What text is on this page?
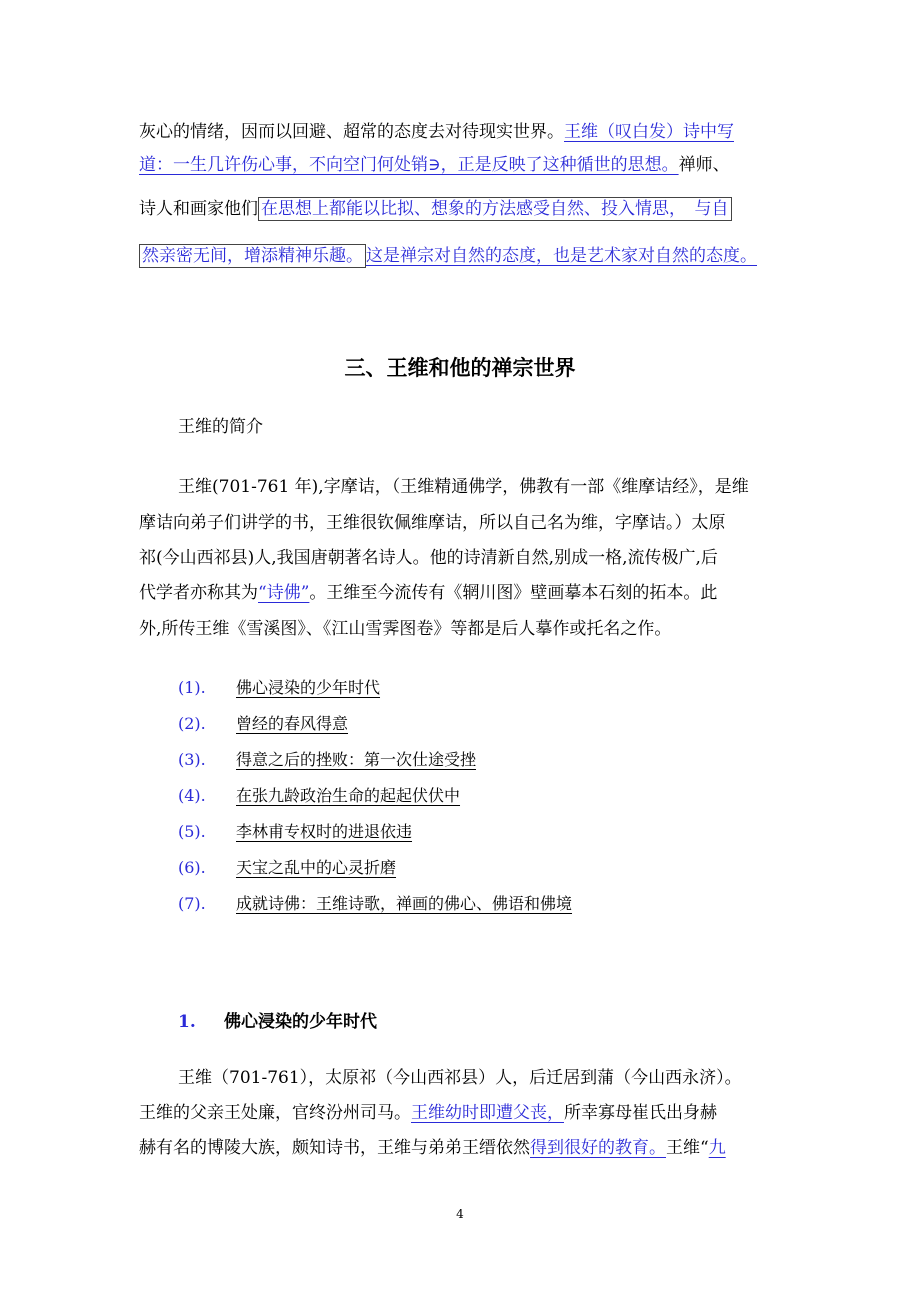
灰心的情绪，因而以回避、超常的态度去对待现实世界。王维（叹白发）诗中写
道：一生几许伤心事，不向空门何处销∋，正是反映了这种循世的思想。禅师、
诗人和画家他们 在思想上都能以比拟、想象的方法感受自然、投入情思，　与自
然亲密无间，增添精神乐趣。 这是禅宗对自然的态度，也是艺术家对自然的态度。
三、王维和他的禅宗世界
王维的简介
王维(701-761 年),字摩诘，（王维精通佛学，佛教有一部《维摩诘经》，是维
摩诘向弟子们讲学的书，王维很钦佩维摩诘，所以自己名为维，字摩诘。）太原
祁(今山西祁县)人,我国唐朝著名诗人。他的诗清新自然,别成一格,流传极广,后
代学者亦称其为“诗佛”。王维至今流传有《辋川图》壁画摹本石刻的拓本。此
外,所传王维《雪溪图》、《江山雪霁图卷》等都是后人摹作或托名之作。
(1). 佛心浸染的少年时代
(2). 曾经的春风得意
(3). 得意之后的挫败：第一次仕途受挫
(4). 在张九龄政治生命的起起伏伏中
(5). 李林甫专权时的进退依违
(6). 天宝之乱中的心灵折磨
(7). 成就诗佛：王维诗歌，禅画的佛心、佛语和佛境
1. 佛心浸染的少年时代
王维（701-761），太原祁（今山西祁县）人，后迁居到蒲（今山西永济）。
王维的父亲王处廉，官终汾州司马。王维幼时即遭父丧，所幸寡母崔氏出身赫
赫有名的博陵大族，颇知诗书，王维与弟弟王缙依然得到很好的教育。王维“九
4
